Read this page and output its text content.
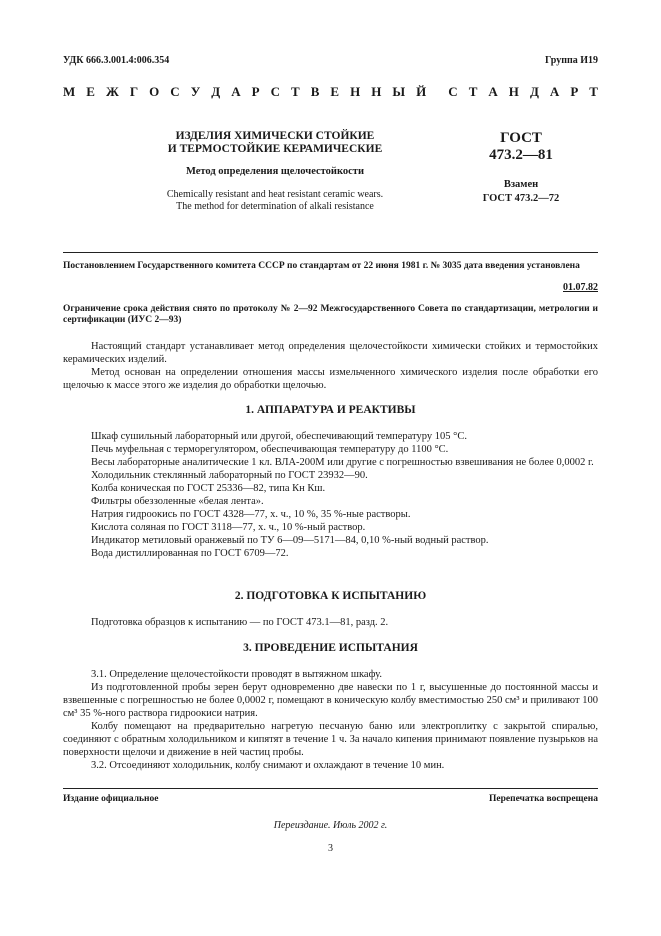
УДК 666.3.001.4:006.354	Группа И19
М Е Ж Г О С У Д А Р С Т В Е Н Н Ы Й С Т А Н Д А Р Т
ИЗДЕЛИЯ ХИМИЧЕСКИ СТОЙКИЕ
И ТЕРМОСТОЙКИЕ КЕРАМИЧЕСКИЕ
Метод определения щелочестойкости
Chemically resistant and heat resistant ceramic wears.
The method for determination of alkali resistance
ГОСТ
473.2—81
Взамен
ГОСТ 473.2—72
Постановлением Государственного комитета СССР по стандартам от 22 июня 1981 г. № 3035 дата введения установлена
01.07.82
Ограничение срока действия снято по протоколу № 2—92 Межгосударственного Совета по стандартизации, метрологии и сертификации (ИУС 2—93)
Настоящий стандарт устанавливает метод определения щелочестойкости химически стойких и термостойких керамических изделий.
Метод основан на определении отношения массы измельченного химического изделия после обработки его щелочью к массе этого же изделия до обработки щелочью.
1. АППАРАТУРА И РЕАКТИВЫ
Шкаф сушильный лабораторный или другой, обеспечивающий температуру 105 °С.
Печь муфельная с терморегулятором, обеспечивающая температуру до 1100 °С.
Весы лабораторные аналитические 1 кл. ВЛА-200М или другие с погрешностью взвешивания не более 0,0002 г.
Холодильник стеклянный лабораторный по ГОСТ 23932—90.
Колба коническая по ГОСТ 25336—82, типа Кн Кш.
Фильтры обеззоленные «белая лента».
Натрия гидроокись по ГОСТ 4328—77, х. ч., 10 %, 35 %-ные растворы.
Кислота соляная по ГОСТ 3118—77, х. ч., 10 %-ный раствор.
Индикатор метиловый оранжевый по ТУ 6—09—5171—84, 0,10 %-ный водный раствор.
Вода дистиллированная по ГОСТ 6709—72.
2. ПОДГОТОВКА К ИСПЫТАНИЮ
Подготовка образцов к испытанию — по ГОСТ 473.1—81, разд. 2.
3. ПРОВЕДЕНИЕ ИСПЫТАНИЯ
3.1. Определение щелочестойкости проводят в вытяжном шкафу.
Из подготовленной пробы зерен берут одновременно две навески по 1 г, высушенные до постоянной массы и взвешенные с погрешностью не более 0,0002 г, помещают в коническую колбу вместимостью 250 см³ и приливают 100 см³ 35 %-ного раствора гидроокиси натрия.
Колбу помещают на предварительно нагретую песчаную баню или электроплитку с закрытой спиралью, соединяют с обратным холодильником и кипятят в течение 1 ч. За начало кипения принимают появление пузырьков на поверхности щелочи и движение в ней частиц пробы.
3.2. Отсоединяют холодильник, колбу снимают и охлаждают в течение 10 мин.
Издание официальное	Перепечатка воспрещена
Переиздание. Июль 2002 г.
3
